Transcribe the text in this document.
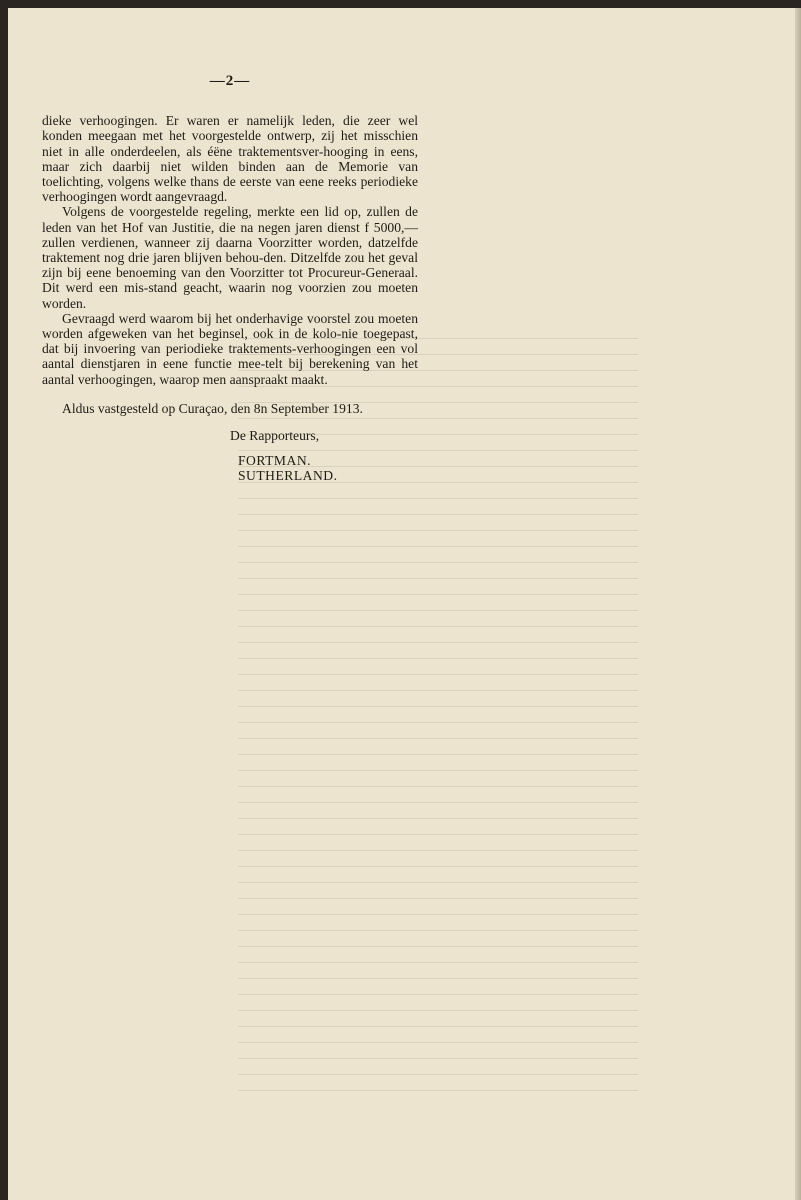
—2—

dieke verhoogingen. Er waren er namelijk leden, die zeer wel konden meegaan met het voorgestelde ontwerp, zij het misschien niet in alle onderdeelen, als éëne traktementsver-hooging in eens, maar zich daarbij niet wilden binden aan de Memorie van toelichting, volgens welke thans de eerste van eene reeks periodieke verhoogingen wordt aangevraagd.

Volgens de voorgestelde regeling, merkte een lid op, zullen de leden van het Hof van Justitie, die na negen jaren dienst f 5000,— zullen verdienen, wanneer zij daarna Voorzitter worden, datzelfde traktement nog drie jaren blijven behou-den. Ditzelfde zou het geval zijn bij eene benoeming van den Voorzitter tot Procureur-Generaal. Dit werd een mis-stand geacht, waarin nog voorzien zou moeten worden.

Gevraagd werd waarom bij het onderhavige voorstel zou moeten worden afgeweken van het beginsel, ook in de kolo-nie toegepast, dat bij invoering van periodieke traktements-verhoogingen een vol aantal dienstjaren in eene functie mee-telt bij berekening van het aantal verhoogingen, waarop men aanspraakt maakt.

Aldus vastgesteld op Curaçao, den 8n September 1913.
De Rapporteurs,
FORTMAN.
SUTHERLAND.
